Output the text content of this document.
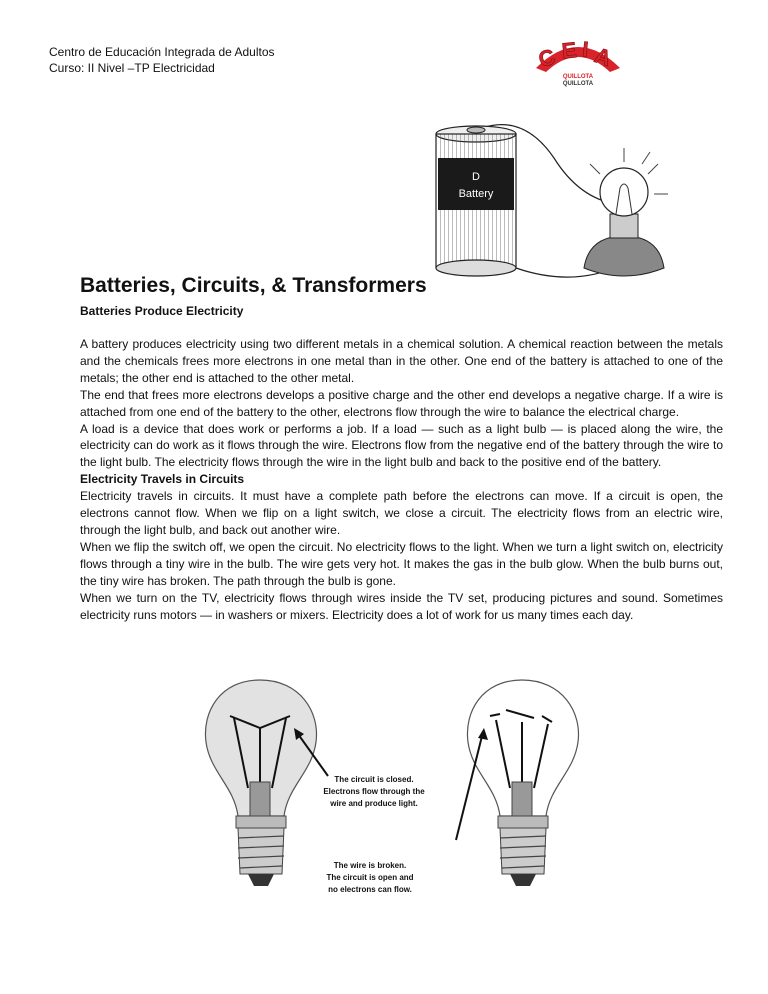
Centro de Educación Integrada de Adultos
Curso: II Nivel –TP Electricidad	C E I A
QUILLOTA
QUILLOTA
D
Battery
Batteries, Circuits, & Transformers
Batteries Produce Electricity

A battery produces electricity using two different metals in a chemical solution. A chemical reaction between the metals and the chemicals frees more electrons in one metal than in the other. One end of the battery is attached to one of the metals; the other end is attached to the other metal.

The end that frees more electrons develops a positive charge and the other end develops a negative charge. If a wire is attached from one end of the battery to the other, electrons flow through the wire to balance the electrical charge.

A load is a device that does work or performs a job. If a load — such as a light bulb — is placed along the wire, the electricity can do work as it flows through the wire. Electrons flow from the negative end of the battery through the wire to the light bulb. The electricity flows through the wire in the light bulb and back to the positive end of the battery.

Electricity Travels in Circuits

Electricity travels in circuits. It must have a complete path before the electrons can move. If a circuit is open, the electrons cannot flow. When we flip on a light switch, we close a circuit. The electricity flows from an electric wire, through the light bulb, and back out another wire.

When we flip the switch off, we open the circuit. No electricity flows to the light. When we turn a light switch on, electricity flows through a tiny wire in the bulb. The wire gets very hot. It makes the gas in the bulb glow. When the bulb burns out, the tiny wire has broken. The path through the bulb is gone.

When we turn on the TV, electricity flows through wires inside the TV set, producing pictures and sound. Sometimes electricity runs motors — in washers or mixers. Electricity does a lot of work for us many times each day.

The circuit is closed.
Electrons flow through the
wire and produce light.
The wire is broken.
The circuit is open and
no electrons can flow.
